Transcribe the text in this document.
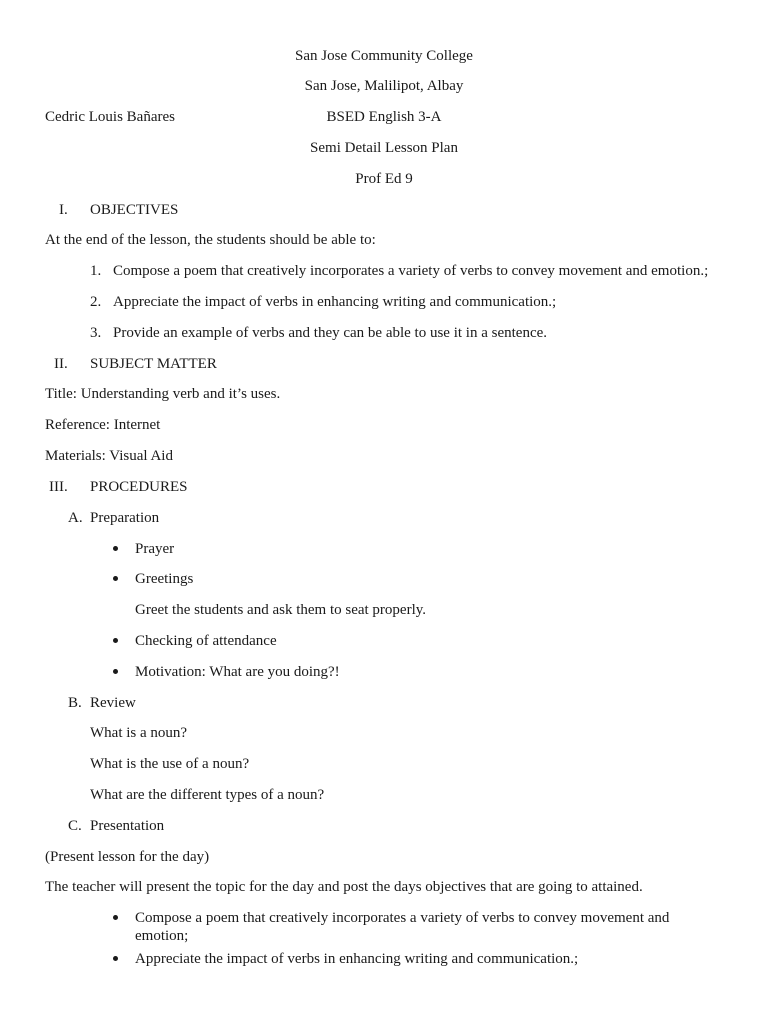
San Jose Community College
San Jose, Malilipot, Albay
Cedric Louis Bañares	BSED English 3-A
Semi Detail Lesson Plan
Prof Ed 9
I. OBJECTIVES
At the end of the lesson, the students should be able to:
1. Compose a poem that creatively incorporates a variety of verbs to convey movement and emotion.;
2. Appreciate the impact of verbs in enhancing writing and communication.;
3. Provide an example of verbs and they can be able to use it in a sentence.
II. SUBJECT MATTER
Title: Understanding verb and it’s uses.
Reference: Internet
Materials: Visual Aid
III. PROCEDURES
A. Preparation
Prayer
Greetings
Greet the students and ask them to seat properly.
Checking of attendance
Motivation: What are you doing?!
B. Review
What is a noun?
What is the use of a noun?
What are the different types of a noun?
C. Presentation
(Present lesson for the day)
The teacher will present the topic for the day and post the days objectives that are going to attained.
Compose a poem that creatively incorporates a variety of verbs to convey movement and emotion;
Appreciate the impact of verbs in enhancing writing and communication.;
